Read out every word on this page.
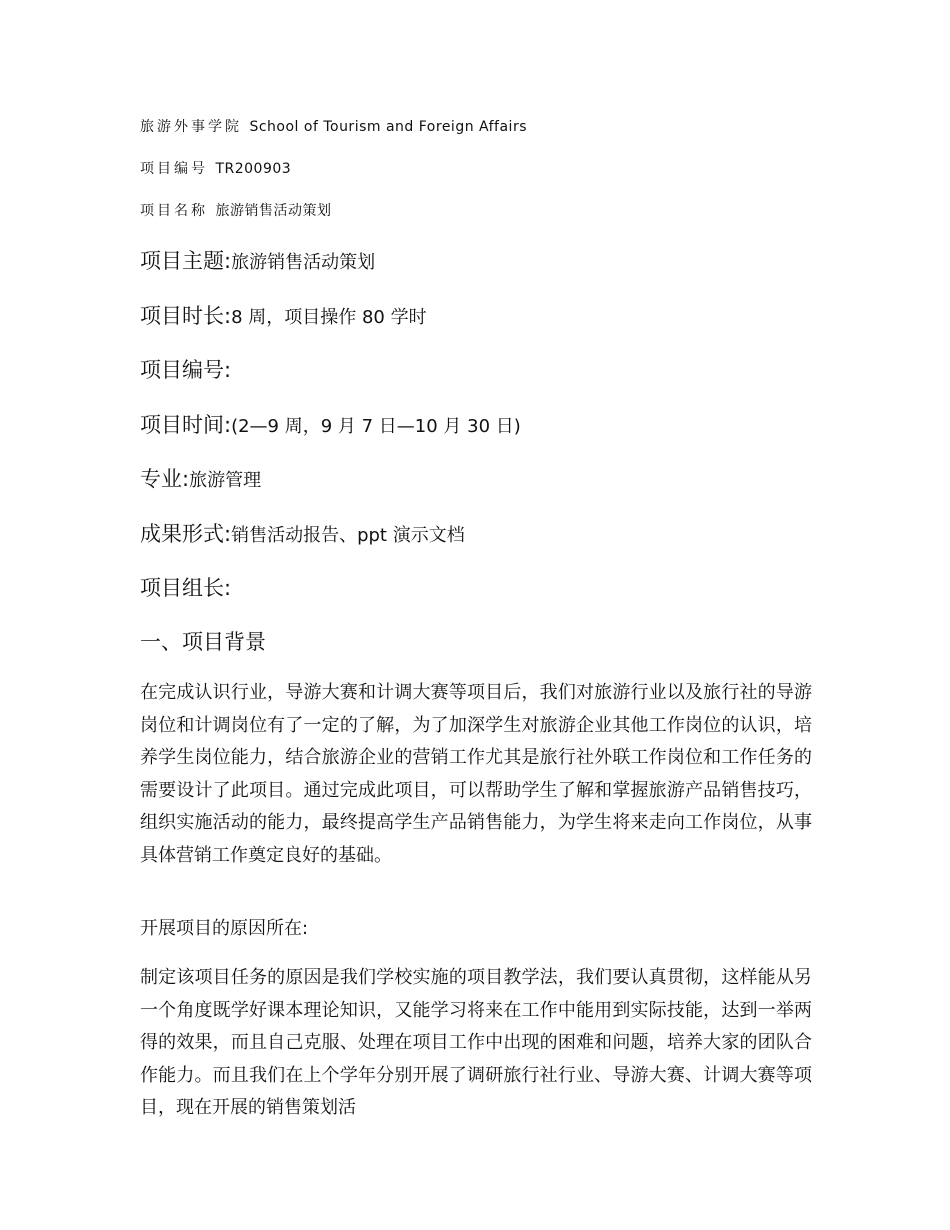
旅游外事学院 School of Tourism and Foreign Affairs
项目编号 TR200903
项目名称 旅游销售活动策划
项目主题:旅游销售活动策划
项目时长:8 周，项目操作 80 学时
项目编号:
项目时间:(2—9 周，9 月 7 日—10 月 30 日)
专业:旅游管理
成果形式:销售活动报告、ppt 演示文档
项目组长:
一、项目背景
在完成认识行业，导游大赛和计调大赛等项目后，我们对旅游行业以及旅行社的导游岗位和计调岗位有了一定的了解，为了加深学生对旅游企业其他工作岗位的认识，培养学生岗位能力，结合旅游企业的营销工作尤其是旅行社外联工作岗位和工作任务的需要设计了此项目。通过完成此项目，可以帮助学生了解和掌握旅游产品销售技巧，组织实施活动的能力，最终提高学生产品销售能力，为学生将来走向工作岗位，从事具体营销工作奠定良好的基础。
开展项目的原因所在:
制定该项目任务的原因是我们学校实施的项目教学法，我们要认真贯彻，这样能从另一个角度既学好课本理论知识，又能学习将来在工作中能用到实际技能，达到一举两得的效果，而且自己克服、处理在项目工作中出现的困难和问题，培养大家的团队合作能力。而且我们在上个学年分别开展了调研旅行社行业、导游大赛、计调大赛等项目，现在开展的销售策划活
